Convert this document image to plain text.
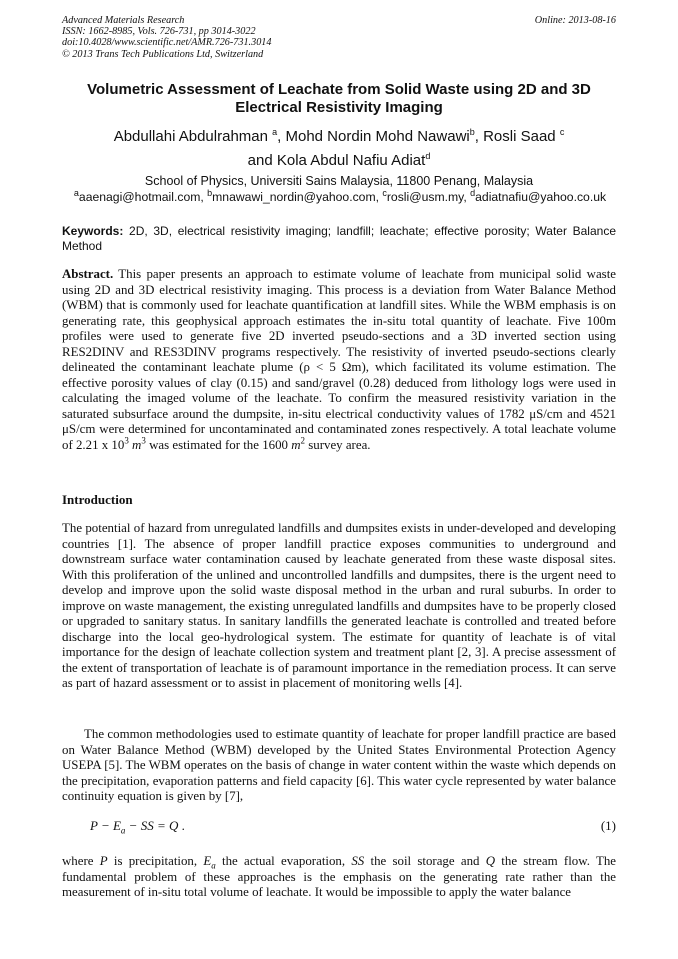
Advanced Materials Research
ISSN: 1662-8985, Vols. 726-731, pp 3014-3022
doi:10.4028/www.scientific.net/AMR.726-731.3014
© 2013 Trans Tech Publications Ltd, Switzerland
Online: 2013-08-16
Volumetric Assessment of Leachate from Solid Waste using 2D and 3D
Electrical Resistivity Imaging
Abdullahi Abdulrahman $^a$, Mohd Nordin Mohd Nawawi$^b$, Rosli Saad $^c$
and Kola Abdul Nafiu Adiat$^d$
School of Physics, Universiti Sains Malaysia, 11800 Penang, Malaysia
$^a$aaenagi@hotmail.com, $^b$mnawawi_nordin@yahoo.com, $^c$rosli@usm.my, $^d$adiatnafiu@yahoo.co.uk
Keywords: 2D, 3D, electrical resistivity imaging; landfill; leachate; effective porosity; Water Balance Method
Abstract. This paper presents an approach to estimate volume of leachate from municipal solid waste using 2D and 3D electrical resistivity imaging. This process is a deviation from Water Balance Method (WBM) that is commonly used for leachate quantification at landfill sites. While the WBM emphasis is on generating rate, this geophysical approach estimates the in-situ total quantity of leachate. Five 100m profiles were used to generate five 2D inverted pseudo-sections and a 3D inverted section using RES2DINV and RES3DINV programs respectively. The resistivity of inverted pseudo-sections clearly delineated the contaminant leachate plume (ρ < 5 Ωm), which facilitated its volume estimation. The effective porosity values of clay (0.15) and sand/gravel (0.28) deduced from lithology logs were used in calculating the imaged volume of the leachate. To confirm the measured resistivity variation in the saturated subsurface around the dumpsite, in-situ electrical conductivity values of 1782 μS/cm and 4521 μS/cm were determined for uncontaminated and contaminated zones respectively. A total leachate volume of 2.21 x $10^3$ $m^3$ was estimated for the 1600 $m^2$ survey area.
Introduction
The potential of hazard from unregulated landfills and dumpsites exists in under-developed and developing countries [1]. The absence of proper landfill practice exposes communities to underground and downstream surface water contamination caused by leachate generated from these waste disposal sites. With this proliferation of the unlined and uncontrolled landfills and dumpsites, there is the urgent need to develop and improve upon the solid waste disposal method in the urban and rural suburbs. In order to improve on waste management, the existing unregulated landfills and dumpsites have to be properly closed or upgraded to sanitary status. In sanitary landfills the generated leachate is controlled and treated before discharge into the local geo-hydrological system. The estimate for quantity of leachate is of vital importance for the design of leachate collection system and treatment plant [2, 3]. A precise assessment of the extent of transportation of leachate is of paramount importance in the remediation process. It can serve as part of hazard assessment or to assist in placement of monitoring wells [4].
The common methodologies used to estimate quantity of leachate for proper landfill practice are based on Water Balance Method (WBM) developed by the United States Environmental Protection Agency USEPA [5]. The WBM operates on the basis of change in water content within the waste which depends on the precipitation, evaporation patterns and field capacity [6]. This water cycle represented by water balance continuity equation is given by [7],
$P - E_a$ − SS = Q .	(1)
where P is precipitation, $E_a$ the actual evaporation, SS the soil storage and Q the stream flow. The fundamental problem of these approaches is the emphasis on the generating rate rather than the measurement of in-situ total volume of leachate. It would be impossible to apply the water balance
